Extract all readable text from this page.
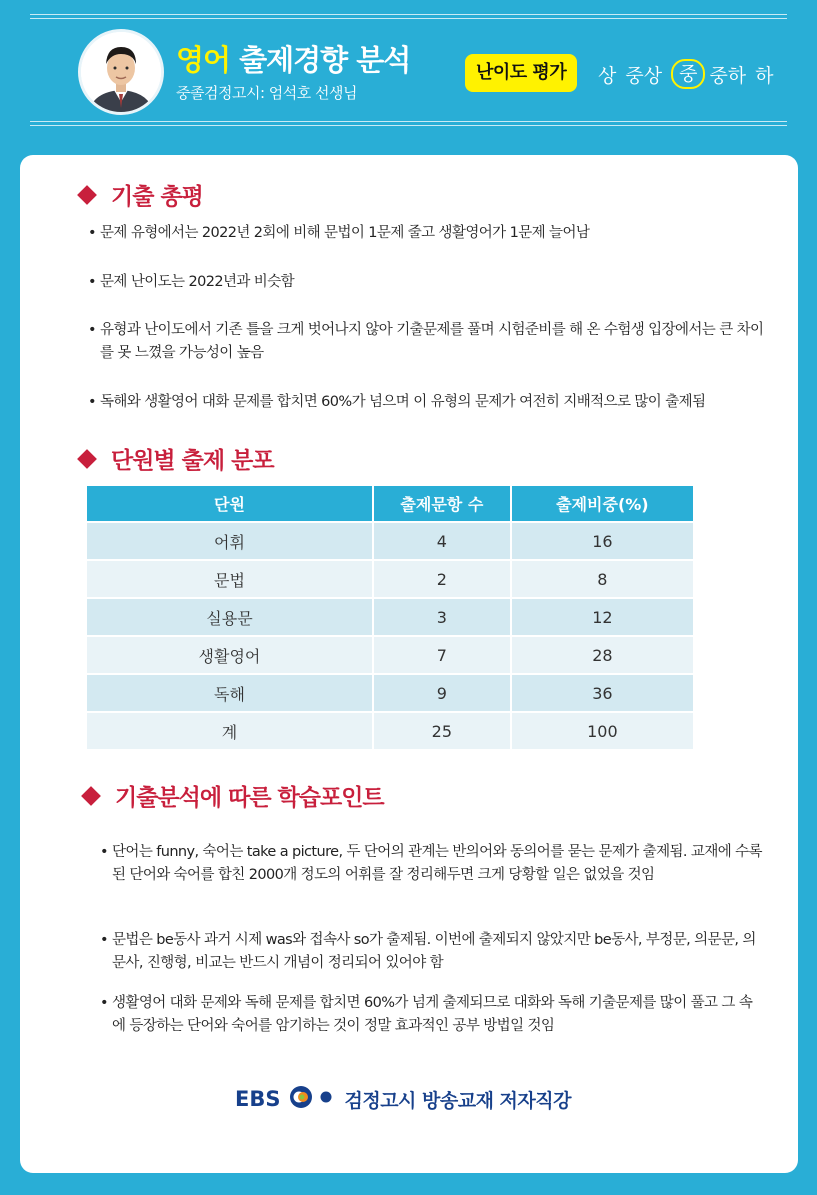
영어 출제경향 분석
중졸검정고시: 엄석호 선생님
난이도 평가	상 중상 중 중하 하
기출 총평
• 문제 유형에서는 2022년 2회에 비해 문법이 1문제 줄고 생활영어가 1문제 늘어남
• 문제 난이도는 2022년과 비슷함
• 유형과 난이도에서 기존 틀을 크게 벗어나지 않아 기출문제를 풀며 시험준비를 해 온 수험생 입장에서는 큰 차이를 못 느꼈을 가능성이 높음
• 독해와 생활영어 대화 문제를 합치면 60%가 넘으며 이 유형의 문제가 여전히 지배적으로 많이 출제됨
단원별 출제 분포
단원	출제문항 수	출제비중(%)
어휘	4	16
문법	2	8
실용문	3	12
생활영어	7	28
독해	9	36
계	25	100
기출분석에 따른 학습포인트
• 단어는 funny, 숙어는 take a picture, 두 단어의 관계는 반의어와 동의어를 묻는 문제가 출제됨. 교재에 수록된 단어와 숙어를 합친 2000개 정도의 어휘를 잘 정리해두면 크게 당황할 일은 없었을 것임
• 문법은 be동사 과거 시제 was와 접속사 so가 출제됨. 이번에 출제되지 않았지만 be동사, 부정문, 의문문, 의문사, 진행형, 비교는 반드시 개념이 정리되어 있어야 함
• 생활영어 대화 문제와 독해 문제를 합치면 60%가 넘게 출제되므로 대화와 독해 기출문제를 많이 풀고 그 속에 등장하는 단어와 숙어를 암기하는 것이 정말 효과적인 공부 방법일 것임
EBS	검정고시 방송교재 저자직강
